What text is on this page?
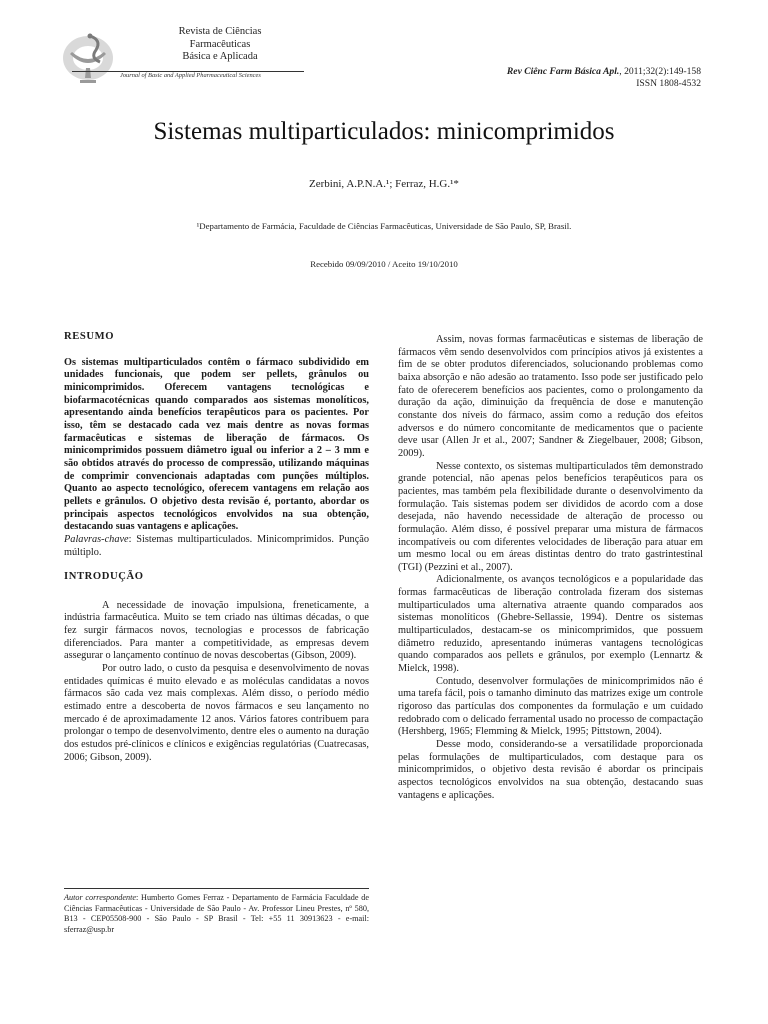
Revista de Ciências
Farmacêuticas
Básica e Aplicada
Journal of Basic and Applied Pharmaceutical Sciences	Rev Ciênc Farm Básica Apl., 2011;32(2):149-158
ISSN 1808-4532
Sistemas multiparticulados: minicomprimidos
Zerbini, A.P.N.A.¹; Ferraz, H.G.¹*
¹Departamento de Farmácia, Faculdade de Ciências Farmacêuticas, Universidade de São Paulo, SP, Brasil.
Recebido 09/09/2010 / Aceito 19/10/2010
RESUMO

Os sistemas multiparticulados contêm o fármaco subdividido em unidades funcionais, que podem ser pellets, grânulos ou minicomprimidos. Oferecem vantagens tecnológicas e biofarmacotécnicas quando comparados aos sistemas monolíticos, apresentando ainda benefícios terapêuticos para os pacientes. Por isso, têm se destacado cada vez mais dentre as novas formas farmacêuticas e sistemas de liberação de fármacos. Os minicomprimidos possuem diâmetro igual ou inferior a 2 – 3 mm e são obtidos através do processo de compressão, utilizando máquinas de comprimir convencionais adaptadas com punções múltiplos. Quanto ao aspecto tecnológico, oferecem vantagens em relação aos pellets e grânulos. O objetivo desta revisão é, portanto, abordar os principais aspectos tecnológicos envolvidos na sua obtenção, destacando suas vantagens e aplicações.

Palavras-chave: Sistemas multiparticulados. Minicomprimidos. Punção múltiplo.

INTRODUÇÃO

A necessidade de inovação impulsiona, freneticamente, a indústria farmacêutica. Muito se tem criado nas últimas décadas, o que fez surgir fármacos novos, tecnologias e processos de fabricação diferenciados. Para manter a competitividade, as empresas devem assegurar o lançamento contínuo de novas descobertas (Gibson, 2009).

Por outro lado, o custo da pesquisa e desenvolvimento de novas entidades químicas é muito elevado e as moléculas candidatas a novos fármacos são cada vez mais complexas. Além disso, o período médio estimado entre a descoberta de novos fármacos e seu lançamento no mercado é de aproximadamente 12 anos. Vários fatores contribuem para prolongar o tempo de desenvolvimento, dentre eles o aumento na duração dos estudos pré-clínicos e clínicos e exigências regulatórias (Cuatrecasas, 2006; Gibson, 2009).

Assim, novas formas farmacêuticas e sistemas de liberação de fármacos vêm sendo desenvolvidos com princípios ativos já existentes a fim de se obter produtos diferenciados, solucionando problemas como baixa absorção e não adesão ao tratamento. Isso pode ser justificado pelo fato de oferecerem benefícios aos pacientes, como o prolongamento da duração da ação, diminuição da frequência de dose e manutenção constante dos níveis do fármaco, assim como a redução dos efeitos adversos e do número concomitante de medicamentos que o paciente deve usar (Allen Jr et al., 2007; Sandner & Ziegelbauer, 2008; Gibson, 2009).

Nesse contexto, os sistemas multiparticulados têm demonstrado grande potencial, não apenas pelos benefícios terapêuticos para os pacientes, mas também pela flexibilidade durante o desenvolvimento da formulação. Tais sistemas podem ser divididos de acordo com a dose desejada, não havendo necessidade de alteração de processo ou formulação. Além disso, é possível preparar uma mistura de fármacos incompatíveis ou com diferentes velocidades de liberação para atuar em um mesmo local ou em áreas distintas dentro do trato gastrintestinal (TGI) (Pezzini et al., 2007).

Adicionalmente, os avanços tecnológicos e a popularidade das formas farmacêuticas de liberação controlada fizeram dos sistemas multiparticulados uma alternativa atraente quando comparados aos sistemas monolíticos (Ghebre-Sellassie, 1994). Dentre os sistemas multiparticulados, destacam-se os minicomprimidos, que possuem diâmetro reduzido, apresentando inúmeras vantagens tecnológicas quando comparados aos pellets e grânulos, por exemplo (Lennartz & Mielck, 1998).

Contudo, desenvolver formulações de minicomprimidos não é uma tarefa fácil, pois o tamanho diminuto das matrizes exige um controle rigoroso das partículas dos componentes da formulação e um cuidado redobrado com o delicado ferramental usado no processo de compactação (Hershberg, 1965; Flemming & Mielck, 1995; Pittstown, 2004).

Desse modo, considerando-se a versatilidade proporcionada pelas formulações de multiparticulados, com destaque para os minicomprimidos, o objetivo desta revisão é abordar os principais aspectos tecnológicos envolvidos na sua obtenção, destacando suas vantagens e aplicações.

Autor correspondente: Humberto Gomes Ferraz - Departamento de Farmácia Faculdade de Ciências Farmacêuticas - Universidade de São Paulo - Av. Professor Lineu Prestes, nº 580, B13 - CEP05508-900 - São Paulo - SP Brasil - Tel: +55 11 30913623 - e-mail: sferraz@usp.br
